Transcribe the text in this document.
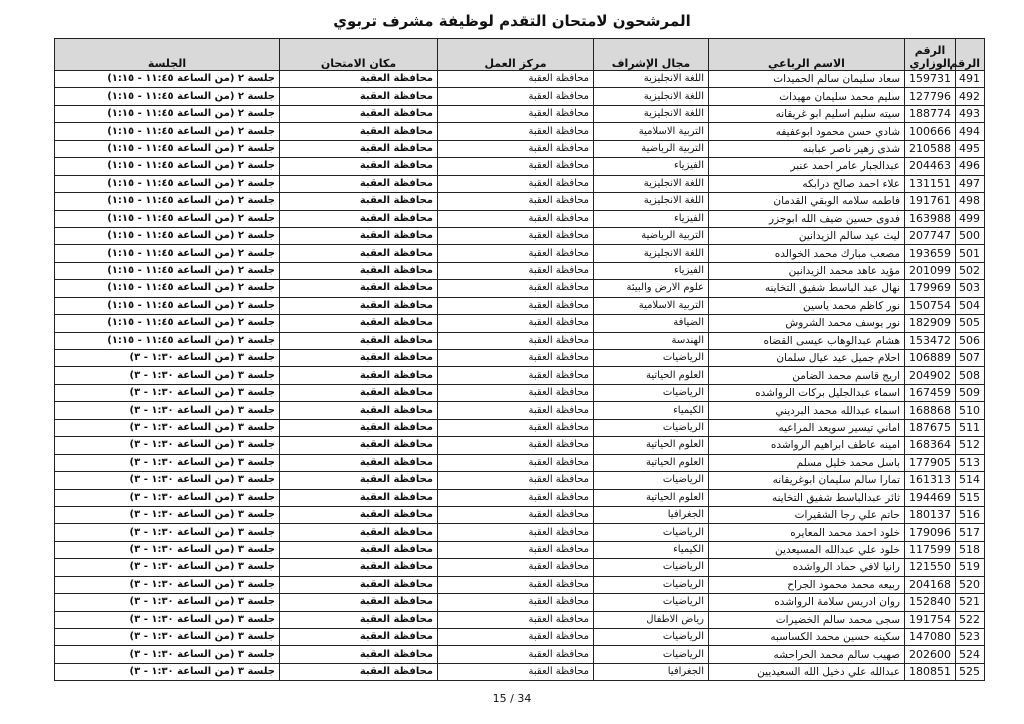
المرشحون لامتحان التقدم لوظيفة مشرف تربوي
الرقم	الرقم الوزاري	الاسم الرباعي	مجال الإشراف	مركز العمل	مكان الامتحان	الجلسة
491	159731	سعاد سليمان سالم الحميدات	اللغة الانجليزية	محافظة العقبة	محافظة العقبة	جلسة ٢ (من الساعة ١١:٤٥ - ١:١٥)
492	127796	سليم محمد سليمان مهيدات	اللغة الانجليزية	محافظة العقبة	محافظة العقبة	جلسة ٢ (من الساعة ١١:٤٥ - ١:١٥)
493	188774	سيته سليم اسليم ابو غريقانه	اللغة الانجليزية	محافظة العقبة	محافظة العقبة	جلسة ٢ (من الساعة ١١:٤٥ - ١:١٥)
494	100666	شادي حسن محمود ابوعفيفه	التربية الاسلامية	محافظة العقبة	محافظة العقبة	جلسة ٢ (من الساعة ١١:٤٥ - ١:١٥)
495	210588	شذى زهير ناصر عبابنه	التربية الرياضية	محافظة العقبة	محافظة العقبة	جلسة ٢ (من الساعة ١١:٤٥ - ١:١٥)
496	204463	عبدالجبار عامر احمد عنبر	الفيزياء	محافظة العقبة	محافظة العقبة	جلسة ٢ (من الساعة ١١:٤٥ - ١:١٥)
497	131151	علاء احمد صالح درابكه	اللغة الانجليزية	محافظة العقبة	محافظة العقبة	جلسة ٢ (من الساعة ١١:٤٥ - ١:١٥)
498	191761	فاطمه سلامه الوبقي القدمان	اللغة الانجليزية	محافظة العقبة	محافظة العقبة	جلسة ٢ (من الساعة ١١:٤٥ - ١:١٥)
499	163988	فدوى حسين ضيف الله ابوجزر	الفيزياء	محافظة العقبة	محافظة العقبة	جلسة ٢ (من الساعة ١١:٤٥ - ١:١٥)
500	207747	ليث عيد سالم الزيدانين	التربية الرياضية	محافظة العقبة	محافظة العقبة	جلسة ٢ (من الساعة ١١:٤٥ - ١:١٥)
501	193659	مصعب مبارك محمد الخوالده	اللغة الانجليزية	محافظة العقبة	محافظة العقبة	جلسة ٢ (من الساعة ١١:٤٥ - ١:١٥)
502	201099	مؤيد عاهد محمد الزيدانين	الفيزياء	محافظة العقبة	محافظة العقبة	جلسة ٢ (من الساعة ١١:٤٥ - ١:١٥)
503	179969	نهال عبد الباسط شفيق التخاينه	علوم الارض والبيئة	محافظة العقبة	محافظة العقبة	جلسة ٢ (من الساعة ١١:٤٥ - ١:١٥)
504	150754	نور كاظم محمد ياسين	التربية الاسلامية	محافظة العقبة	محافظة العقبة	جلسة ٢ (من الساعة ١١:٤٥ - ١:١٥)
505	182909	نور يوسف محمد الشروش	الضيافة	محافظة العقبة	محافظة العقبة	جلسة ٢ (من الساعة ١١:٤٥ - ١:١٥)
506	153472	هشام عبدالوهاب عيسى القضاه	الهندسة	محافظة العقبة	محافظة العقبة	جلسة ٢ (من الساعة ١١:٤٥ - ١:١٥)
507	106889	احلام جميل عيد عيال سلمان	الرياضيات	محافظة العقبة	محافظة العقبة	جلسة ٣ (من الساعة ١:٣٠ - ٣)
508	204902	اريج قاسم محمد الضامن	العلوم الحياتية	محافظة العقبة	محافظة العقبة	جلسة ٣ (من الساعة ١:٣٠ - ٣)
509	167459	اسماء عبدالجليل بركات الرواشده	الرياضيات	محافظة العقبة	محافظة العقبة	جلسة ٣ (من الساعة ١:٣٠ - ٣)
510	168868	اسماء عبدالله محمد البرديني	الكيمياء	محافظة العقبة	محافظة العقبة	جلسة ٣ (من الساعة ١:٣٠ - ٣)
511	187675	اماني تيسير سويعد المراعيه	الرياضيات	محافظة العقبة	محافظة العقبة	جلسة ٣ (من الساعة ١:٣٠ - ٣)
512	168364	امينه عاطف ابراهيم الرواشده	العلوم الحياتية	محافظة العقبة	محافظة العقبة	جلسة ٣ (من الساعة ١:٣٠ - ٣)
513	177905	باسل محمد خليل مسلم	العلوم الحياتية	محافظة العقبة	محافظة العقبة	جلسة ٣ (من الساعة ١:٣٠ - ٣)
514	161313	تمارا سالم سليمان ابوغريقانه	الرياضيات	محافظة العقبة	محافظة العقبة	جلسة ٣ (من الساعة ١:٣٠ - ٣)
515	194469	ثائر عبدالباسط شفيق التخاينه	العلوم الحياتية	محافظة العقبة	محافظة العقبة	جلسة ٣ (من الساعة ١:٣٠ - ٣)
516	180137	حاتم علي رجا الشقيرات	الجغرافيا	محافظة العقبة	محافظة العقبة	جلسة ٣ (من الساعة ١:٣٠ - ٣)
517	179096	خلود احمد محمد المعايره	الرياضيات	محافظة العقبة	محافظة العقبة	جلسة ٣ (من الساعة ١:٣٠ - ٣)
518	117599	خلود علي عبدالله المسيعدين	الكيمياء	محافظة العقبة	محافظة العقبة	جلسة ٣ (من الساعة ١:٣٠ - ٣)
519	121550	رانيا لافي حماد الرواشده	الرياضيات	محافظة العقبة	محافظة العقبة	جلسة ٣ (من الساعة ١:٣٠ - ٣)
520	204168	ربيعه محمد محمود الجراح	الرياضيات	محافظة العقبة	محافظة العقبة	جلسة ٣ (من الساعة ١:٣٠ - ٣)
521	152840	روان ادريس سلامة الرواشده	الرياضيات	محافظة العقبة	محافظة العقبة	جلسة ٣ (من الساعة ١:٣٠ - ٣)
522	191754	سجى محمد سالم الخضيرات	رياض الاطفال	محافظة العقبة	محافظة العقبة	جلسة ٣ (من الساعة ١:٣٠ - ٣)
523	147080	سكينه حسين محمد الكساسبه	الرياضيات	محافظة العقبة	محافظة العقبة	جلسة ٣ (من الساعة ١:٣٠ - ٣)
524	202600	صهيب سالم محمد الحراحشه	الرياضيات	محافظة العقبة	محافظة العقبة	جلسة ٣ (من الساعة ١:٣٠ - ٣)
525	180851	عبدالله علي دخيل الله السعيديين	الجغرافيا	محافظة العقبة	محافظة العقبة	جلسة ٣ (من الساعة ١:٣٠ - ٣)
15 / 34
